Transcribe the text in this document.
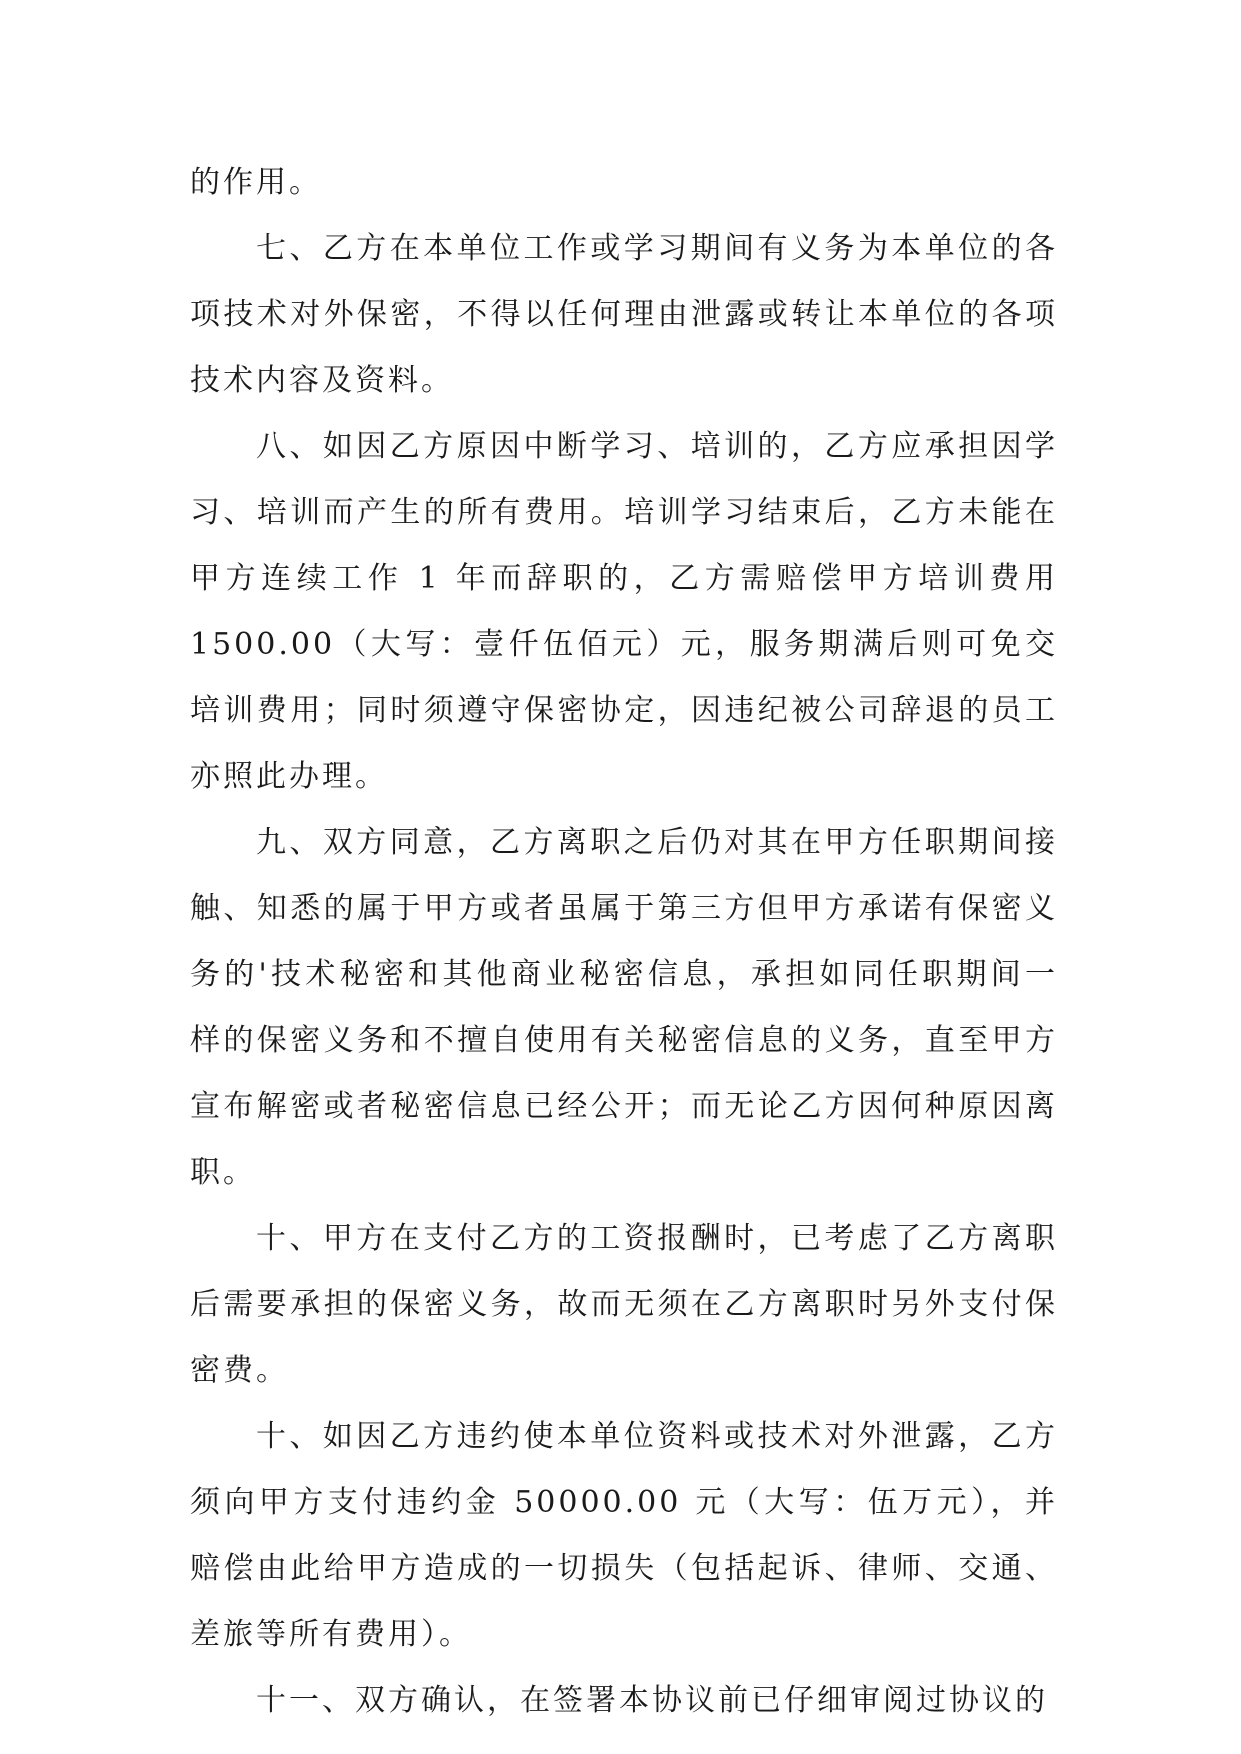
的作用。

七、乙方在本单位工作或学习期间有义务为本单位的各项技术对外保密，不得以任何理由泄露或转让本单位的各项技术内容及资料。

八、如因乙方原因中断学习、培训的，乙方应承担因学习、培训而产生的所有费用。培训学习结束后，乙方未能在甲方连续工作 1 年而辞职的，乙方需赔偿甲方培训费用1500.00（大写：壹仟伍佰元）元，服务期满后则可免交培训费用；同时须遵守保密协定，因违纪被公司辞退的员工亦照此办理。

九、双方同意，乙方离职之后仍对其在甲方任职期间接触、知悉的属于甲方或者虽属于第三方但甲方承诺有保密义务的'技术秘密和其他商业秘密信息，承担如同任职期间一样的保密义务和不擅自使用有关秘密信息的义务，直至甲方宣布解密或者秘密信息已经公开；而无论乙方因何种原因离职。

十、甲方在支付乙方的工资报酬时，已考虑了乙方离职后需要承担的保密义务，故而无须在乙方离职时另外支付保密费。

十、如因乙方违约使本单位资料或技术对外泄露，乙方须向甲方支付违约金 50000.00 元（大写：伍万元），并赔偿由此给甲方造成的一切损失（包括起诉、律师、交通、差旅等所有费用）。

十一、双方确认，在签署本协议前已仔细审阅过协议的
